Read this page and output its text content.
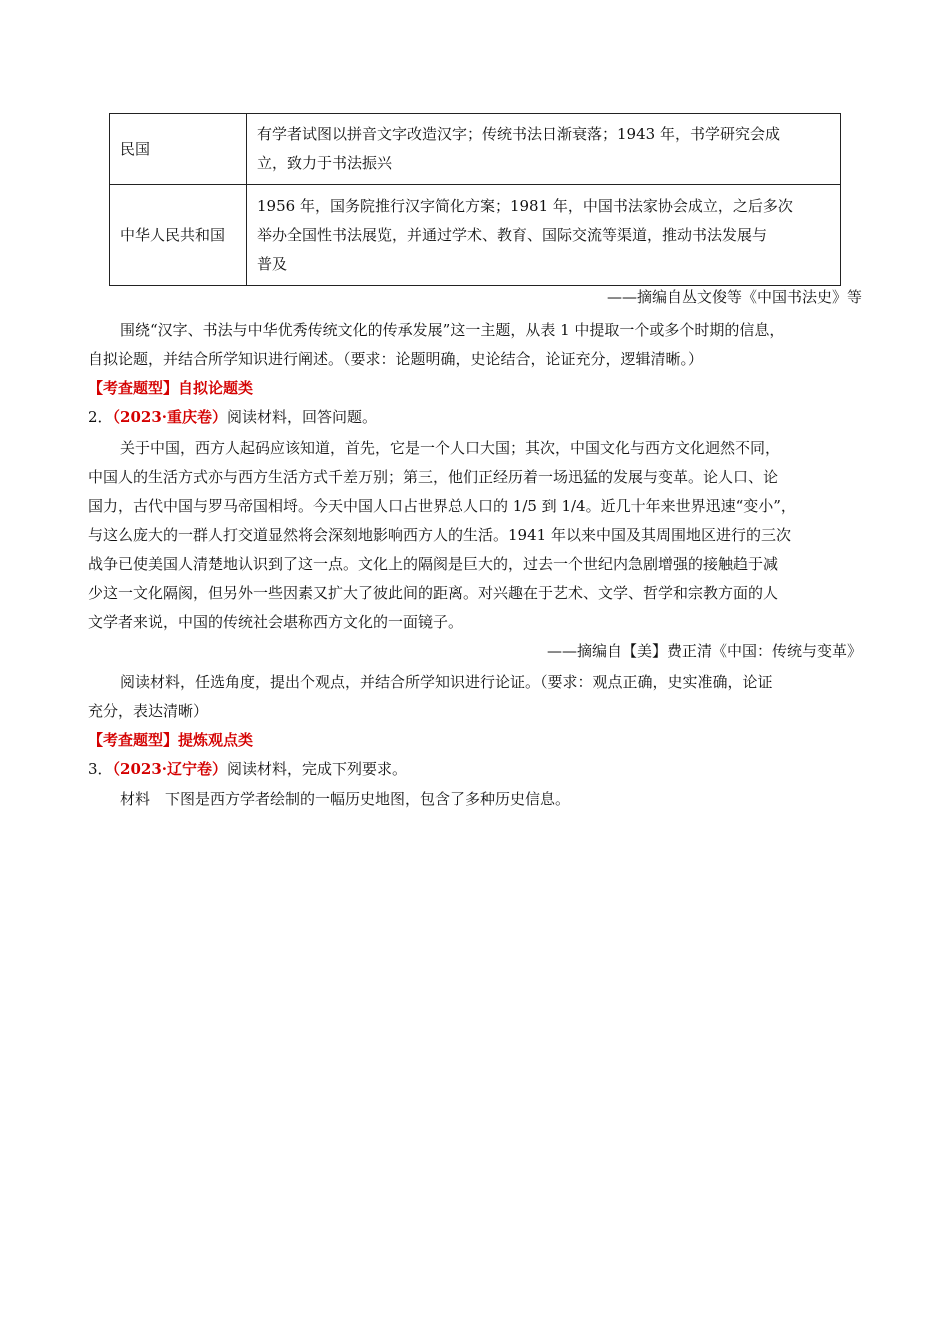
民国	有学者试图以拼音文字改造汉字；传统书法日渐衰落；1943 年，书学研究会成
立，致力于书法振兴

中华人民共和国	1956 年，国务院推行汉字简化方案；1981 年，中国书法家协会成立，之后多次
举办全国性书法展览，并通过学术、教育、国际交流等渠道，推动书法发展与
普及
——摘编自丛文俊等《中国书法史》等
围绕“汉字、书法与中华优秀传统文化的传承发展”这一主题，从表 1 中提取一个或多个时期的信息，
自拟论题，并结合所学知识进行阐述。（要求：论题明确，史论结合，论证充分，逻辑清晰。）
【考查题型】自拟论题类
2．（2023·重庆卷）阅读材料，回答问题。
关于中国，西方人起码应该知道，首先，它是一个人口大国；其次，中国文化与西方文化迥然不同，
中国人的生活方式亦与西方生活方式千差万别；第三，他们正经历着一场迅猛的发展与变革。论人口、论
国力，古代中国与罗马帝国相埒。今天中国人口占世界总人口的 1/5 到 1/4。近几十年来世界迅速“变小”，
与这么庞大的一群人打交道显然将会深刻地影响西方人的生活。1941 年以来中国及其周围地区进行的三次
战争已使美国人清楚地认识到了这一点。文化上的隔阂是巨大的，过去一个世纪内急剧增强的接触趋于减
少这一文化隔阂，但另外一些因素又扩大了彼此间的距离。对兴趣在于艺术、文学、哲学和宗教方面的人
文学者来说，中国的传统社会堪称西方文化的一面镜子。
——摘编自【美】费正清《中国：传统与变革》
阅读材料，任选角度，提出个观点，并结合所学知识进行论证。（要求：观点正确，史实准确，论证
充分，表达清晰）
【考查题型】提炼观点类
3．（2023·辽宁卷）阅读材料，完成下列要求。
材料　下图是西方学者绘制的一幅历史地图，包含了多种历史信息。
